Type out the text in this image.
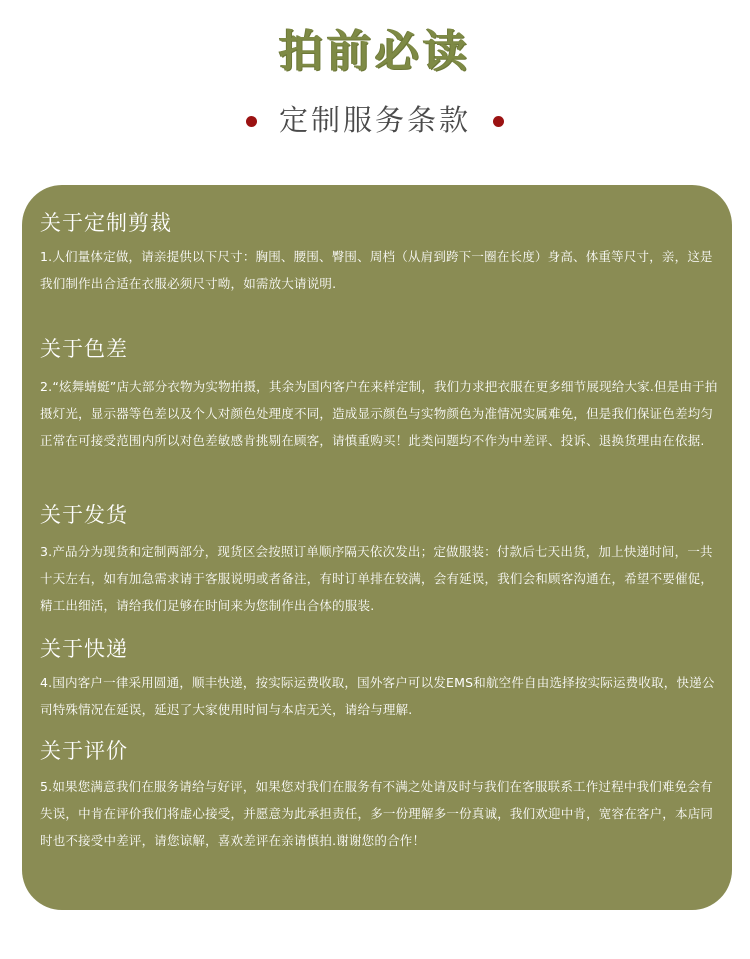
拍前必读
定制服务条款
关于定制剪裁

1.人们量体定做，请亲提供以下尺寸：胸围、腰围、臀围、周档（从肩到跨下一圈在长度）身高、体重等尺寸，亲，这是我们制作出合适在衣服必须尺寸呦，如需放大请说明.

关于色差

2.“炫舞蜻蜓”店大部分衣物为实物拍摄，其余为国内客户在来样定制，我们力求把衣服在更多细节展现给大家.但是由于拍摄灯光，显示器等色差以及个人对颜色处理度不同，造成显示颜色与实物颜色为准情况实属难免，但是我们保证色差均匀正常在可接受范围内所以对色差敏感肯挑剔在顾客，请慎重购买！此类问题均不作为中差评、投诉、退换货理由在依据.

关于发货

3.产品分为现货和定制两部分，现货区会按照订单顺序隔天依次发出；定做服装：付款后七天出货，加上快递时间，一共十天左右，如有加急需求请于客服说明或者备注，有时订单排在较满，会有延误，我们会和顾客沟通在，希望不要催促，精工出细活，请给我们足够在时间来为您制作出合体的服装.

关于快递

4.国内客户一律采用圆通，顺丰快递，按实际运费收取，国外客户可以发EMS和航空件自由选择按实际运费收取，快递公司特殊情况在延误，延迟了大家使用时间与本店无关，请给与理解.

关于评价

5.如果您满意我们在服务请给与好评，如果您对我们在服务有不满之处请及时与我们在客服联系工作过程中我们难免会有失误，中肯在评价我们将虚心接受，并愿意为此承担责任，多一份理解多一份真诚，我们欢迎中肯，宽容在客户，本店同时也不接受中差评，请您谅解，喜欢差评在亲请慎拍.谢谢您的合作！
